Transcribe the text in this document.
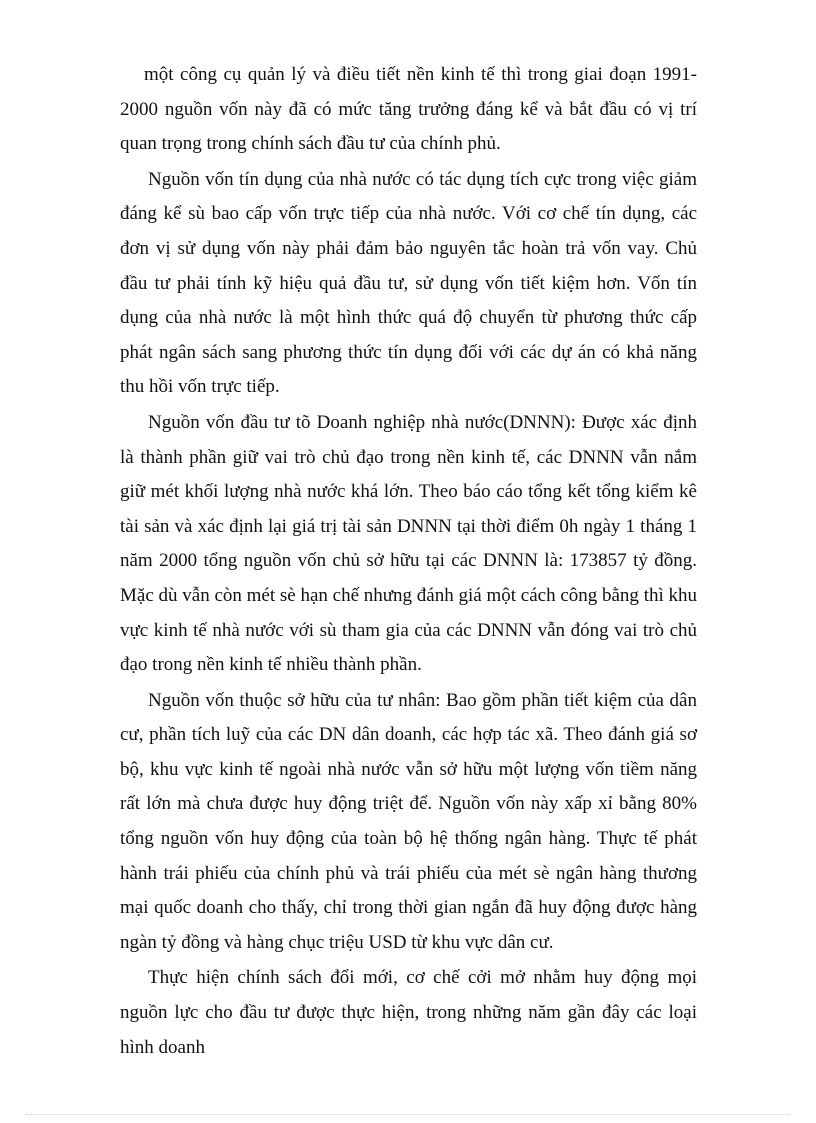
một công cụ quản lý và điều tiết nền kinh tế thì trong giai đoạn 1991-2000 nguồn vốn này đã có mức tăng trưởng đáng kể và bắt đầu có vị trí quan trọng trong chính sách đầu tư của chính phủ.

Nguồn vốn tín dụng của nhà nước có tác dụng tích cực trong việc giảm đáng kể sù bao cấp vốn trực tiếp của nhà nước. Với cơ chế tín dụng, các đơn vị sử dụng vốn này phải đảm bảo nguyên tắc hoàn trả vốn vay. Chủ đầu tư phải tính kỹ hiệu quả đầu tư, sử dụng vốn tiết kiệm hơn. Vốn tín dụng của nhà nước là một hình thức quá độ chuyển từ phương thức cấp phát ngân sách sang phương thức tín dụng đối với các dự án có khả năng thu hồi vốn trực tiếp.

Nguồn vốn đầu tư tõ Doanh nghiệp nhà nước(DNNN): Được xác định là thành phần giữ vai trò chủ đạo trong nền kinh tế, các DNNN vẫn nắm giữ mét khối lượng nhà nước khá lớn. Theo báo cáo tổng kết tổng kiểm kê tài sản và xác định lại giá trị tài sản DNNN tại thời điểm 0h ngày 1 tháng 1 năm 2000 tổng nguồn vốn chủ sở hữu tại các DNNN là: 173857 tỷ đồng. Mặc dù vẫn còn mét sè hạn chế nhưng đánh giá một cách công bằng thì khu vực kinh tế nhà nước với sù tham gia của các DNNN vẫn đóng vai trò chủ đạo trong nền kinh tế nhiều thành phần.

Nguồn vốn thuộc sở hữu của tư nhân: Bao gồm phần tiết kiệm của dân cư, phần tích luỹ của các DN dân doanh, các hợp tác xã. Theo đánh giá sơ bộ, khu vực kinh tế ngoài nhà nước vẫn sở hữu một lượng vốn tiềm năng rất lớn mà chưa được huy động triệt để. Nguồn vốn này xấp xỉ bằng 80% tổng nguồn vốn huy động của toàn bộ hệ thống ngân hàng. Thực tế phát hành trái phiếu của chính phủ và trái phiếu của mét sè ngân hàng thương mại quốc doanh cho thấy, chỉ trong thời gian ngắn đã huy động được hàng ngàn tỷ đồng và hàng chục triệu USD từ khu vực dân cư.

Thực hiện chính sách đổi mới, cơ chế cởi mở nhằm huy động mọi nguồn lực cho đầu tư được thực hiện, trong những năm gần đây các loại hình doanh
